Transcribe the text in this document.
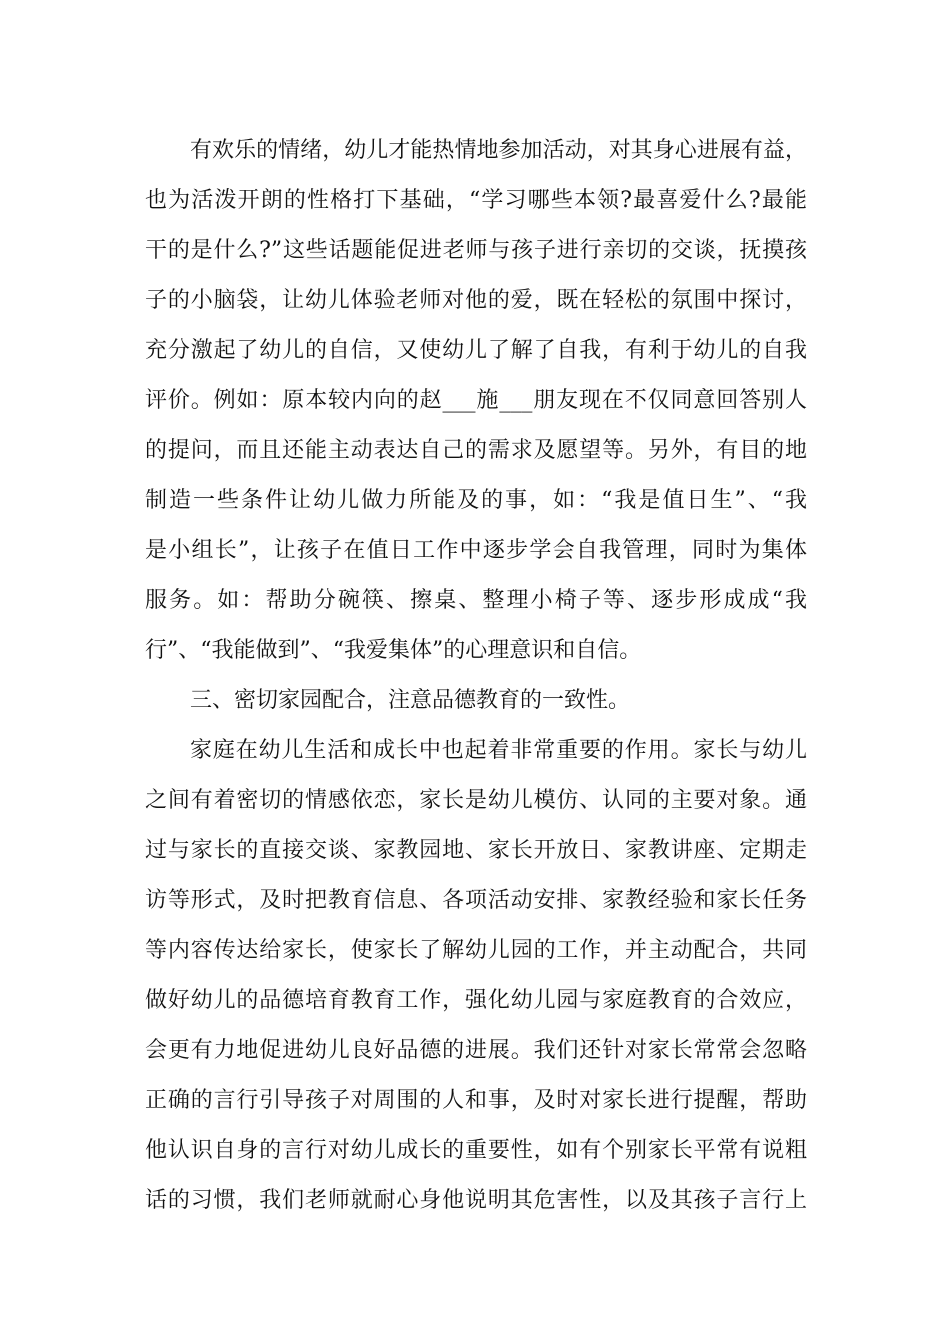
有欢乐的情绪，幼儿才能热情地参加活动，对其身心进展有益，
也为活泼开朗的性格打下基础，“学习哪些本领?最喜爱什么?最能
干的是什么?”这些话题能促进老师与孩子进行亲切的交谈，抚摸孩
子的小脑袋，让幼儿体验老师对他的爱，既在轻松的氛围中探讨，
充分激起了幼儿的自信，又使幼儿了解了自我，有利于幼儿的自我
评价。例如：原本较内向的赵___施___朋友现在不仅同意回答别人
的提问，而且还能主动表达自己的需求及愿望等。另外，有目的地
制造一些条件让幼儿做力所能及的事，如：“我是值日生”、“我
是小组长”，让孩子在值日工作中逐步学会自我管理，同时为集体
服务。如：帮助分碗筷、擦桌、整理小椅子等、逐步形成成“我
行”、“我能做到”、“我爱集体”的心理意识和自信。
三、密切家园配合，注意品德教育的一致性。
家庭在幼儿生活和成长中也起着非常重要的作用。家长与幼儿
之间有着密切的情感依恋，家长是幼儿模仿、认同的主要对象。通
过与家长的直接交谈、家教园地、家长开放日、家教讲座、定期走
访等形式，及时把教育信息、各项活动安排、家教经验和家长任务
等内容传达给家长，使家长了解幼儿园的工作，并主动配合，共同
做好幼儿的品德培育教育工作，强化幼儿园与家庭教育的合效应，
会更有力地促进幼儿良好品德的进展。我们还针对家长常常会忽略
正确的言行引导孩子对周围的人和事，及时对家长进行提醒，帮助
他认识自身的言行对幼儿成长的重要性，如有个别家长平常有说粗
话的习惯，我们老师就耐心身他说明其危害性，以及其孩子言行上
